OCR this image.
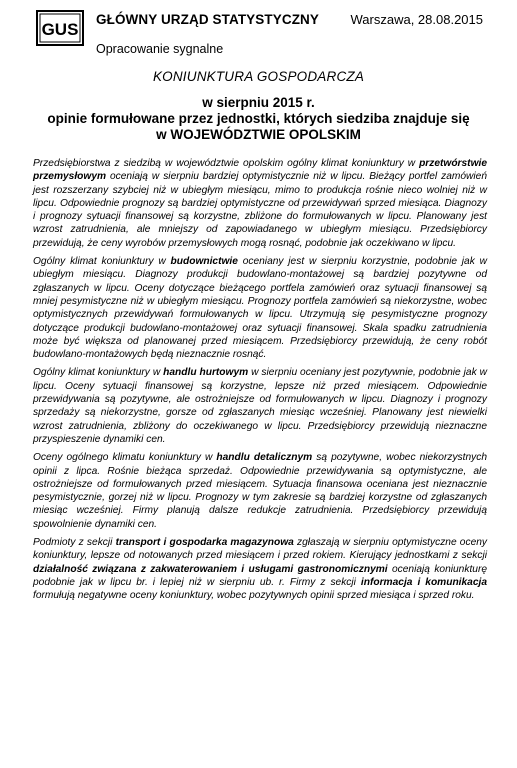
GUS
GŁÓWNY URZĄD STATYSTYCZNY Warszawa, 28.08.2015
Opracowanie sygnalne
KONIUNKTURA GOSPODARCZA
w sierpniu 2015 r.
opinie formułowane przez jednostki, których siedziba znajduje się
w WOJEWÓDZTWIE OPOLSKIM

Przedsiębiorstwa z siedzibą w województwie opolskim ogólny klimat koniunktury w przetwórstwie przemysłowym oceniają w sierpniu bardziej optymistycznie niż w lipcu. Bieżący portfel zamówień jest rozszerzany szybciej niż w ubiegłym miesiącu, mimo to produkcja rośnie nieco wolniej niż w lipcu. Odpowiednie prognozy są bardziej optymistyczne od przewidywań sprzed miesiąca. Diagnozy i prognozy sytuacji finansowej są korzystne, zbliżone do formułowanych w lipcu. Planowany jest wzrost zatrudnienia, ale mniejszy od zapowiadanego w ubiegłym miesiącu. Przedsiębiorcy przewidują, że ceny wyrobów przemysłowych mogą rosnąć, podobnie jak oczekiwano w lipcu.

Ogólny klimat koniunktury w budownictwie oceniany jest w sierpniu korzystnie, podobnie jak w ubiegłym miesiącu. Diagnozy produkcji budowlano-montażowej są bardziej pozytywne od zgłaszanych w lipcu. Oceny dotyczące bieżącego portfela zamówień oraz sytuacji finansowej są mniej pesymistyczne niż w ubiegłym miesiącu. Prognozy portfela zamówień są niekorzystne, wobec optymistycznych przewidywań formułowanych w lipcu. Utrzymują się pesymistyczne prognozy dotyczące produkcji budowlano-montażowej oraz sytuacji finansowej. Skala spadku zatrudnienia może być większa od planowanej przed miesiącem. Przedsiębiorcy przewidują, że ceny robót budowlano-montażowych będą nieznacznie rosnąć.

Ogólny klimat koniunktury w handlu hurtowym w sierpniu oceniany jest pozytywnie, podobnie jak w lipcu. Oceny sytuacji finansowej są korzystne, lepsze niż przed miesiącem. Odpowiednie przewidywania są pozytywne, ale ostrożniejsze od formułowanych w lipcu. Diagnozy i prognozy sprzedaży są niekorzystne, gorsze od zgłaszanych miesiąc wcześniej. Planowany jest niewielki wzrost zatrudnienia, zbliżony do oczekiwanego w lipcu. Przedsiębiorcy przewidują nieznaczne przyspieszenie dynamiki cen.

Oceny ogólnego klimatu koniunktury w handlu detalicznym są pozytywne, wobec niekorzystnych opinii z lipca. Rośnie bieżąca sprzedaż. Odpowiednie przewidywania są optymistyczne, ale ostrożniejsze od formułowanych przed miesiącem. Sytuacja finansowa oceniana jest nieznacznie pesymistycznie, gorzej niż w lipcu. Prognozy w tym zakresie są bardziej korzystne od zgłaszanych miesiąc wcześniej. Firmy planują dalsze redukcje zatrudnienia. Przedsiębiorcy przewidują spowolnienie dynamiki cen.

Podmioty z sekcji transport i gospodarka magazynowa zgłaszają w sierpniu optymistyczne oceny koniunktury, lepsze od notowanych przed miesiącem i przed rokiem. Kierujący jednostkami z sekcji działalność związana z zakwaterowaniem i usługami gastronomicznymi oceniają koniunkturę podobnie jak w lipcu br. i lepiej niż w sierpniu ub. r. Firmy z sekcji informacja i komunikacja formułują negatywne oceny koniunktury, wobec pozytywnych opinii sprzed miesiąca i sprzed roku.
